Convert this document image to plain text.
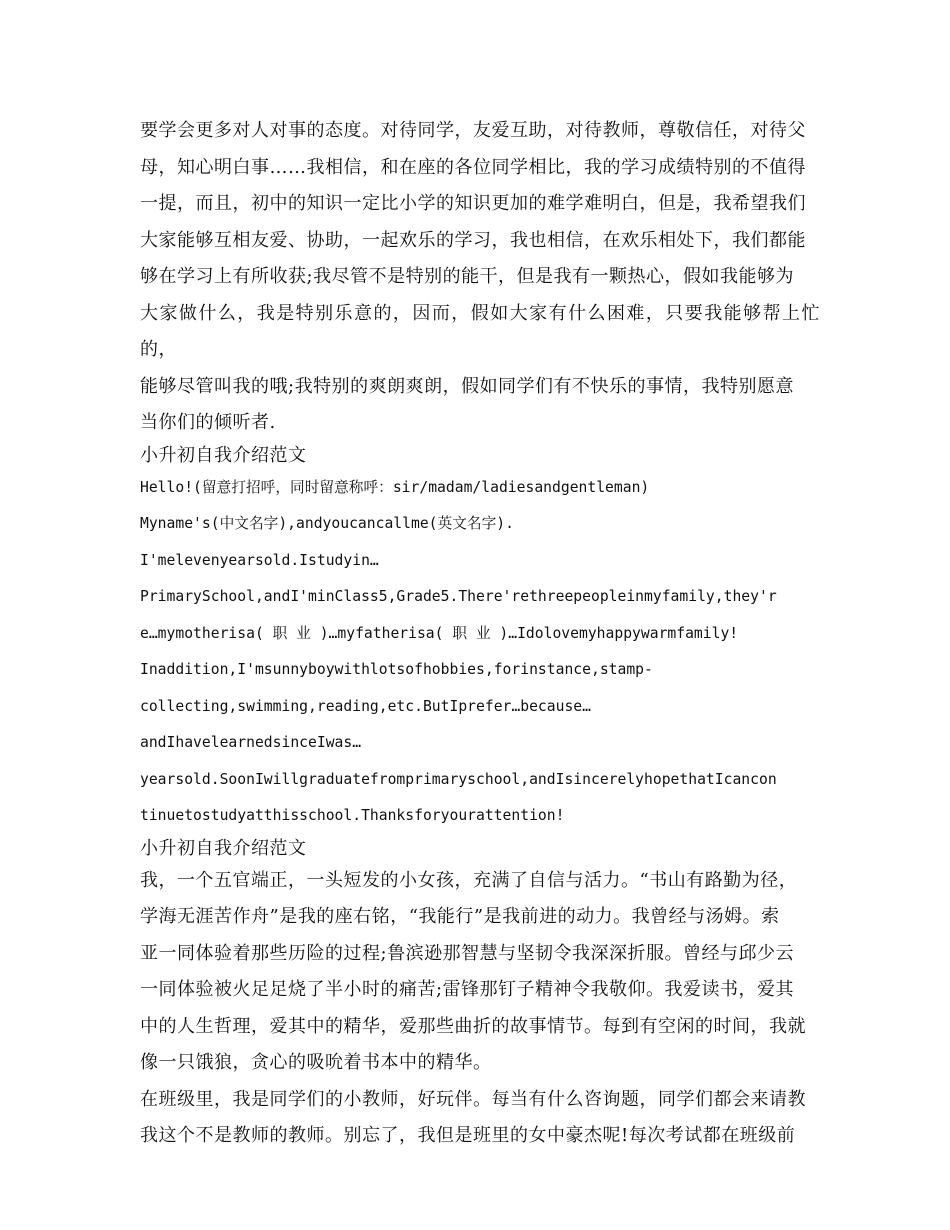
要学会更多对人对事的态度。对待同学，友爱互助，对待教师，尊敬信任，对待父

母，知心明白事……我相信，和在座的各位同学相比，我的学习成绩特别的不值得

一提，而且，初中的知识一定比小学的知识更加的难学难明白，但是，我希望我们

大家能够互相友爱、协助，一起欢乐的学习，我也相信，在欢乐相处下，我们都能

够在学习上有所收获;我尽管不是特别的能干，但是我有一颗热心，假如我能够为

大家做什么，我是特别乐意的，因而，假如大家有什么困难，只要我能够帮上忙的，

能够尽管叫我的哦;我特别的爽朗爽朗，假如同学们有不快乐的事情，我特别愿意

当你们的倾听者.

小升初自我介绍范文

Hello!(留意打招呼，同时留意称呼：sir/madam/ladiesandgentleman)

Myname's(中文名字),andyoucancallme(英文名字).

I'melevenyearsold.Istudyin…

PrimarySchool,andI'minClass5,Grade5.There'rethreepeopleinmyfamily,they'r

e…mymotherisa( 职 业 )…myfatherisa( 职 业 )…Idolovemyhappywarmfamily!

Inaddition,I'msunnyboywithlotsofhobbies,forinstance,stamp-

collecting,swimming,reading,etc.ButIprefer…because…

andIhavelearnedsinceIwas…

yearsold.SoonIwillgraduatefromprimaryschool,andIsincerelyhopethatIcancon

tinuetostudyatthisschool.Thanksforyourattention!

小升初自我介绍范文

我，一个五官端正，一头短发的小女孩，充满了自信与活力。“书山有路勤为径，

学海无涯苦作舟”是我的座右铭，“我能行”是我前进的动力。我曾经与汤姆。索

亚一同体验着那些历险的过程;鲁滨逊那智慧与坚韧令我深深折服。曾经与邱少云

一同体验被火足足烧了半小时的痛苦;雷锋那钉子精神令我敬仰。我爱读书，爱其

中的人生哲理，爱其中的精华，爱那些曲折的故事情节。每到有空闲的时间，我就

像一只饿狼，贪心的吸吮着书本中的精华。

在班级里，我是同学们的小教师，好玩伴。每当有什么咨询题，同学们都会来请教

我这个不是教师的教师。别忘了，我但是班里的女中豪杰呢!每次考试都在班级前
